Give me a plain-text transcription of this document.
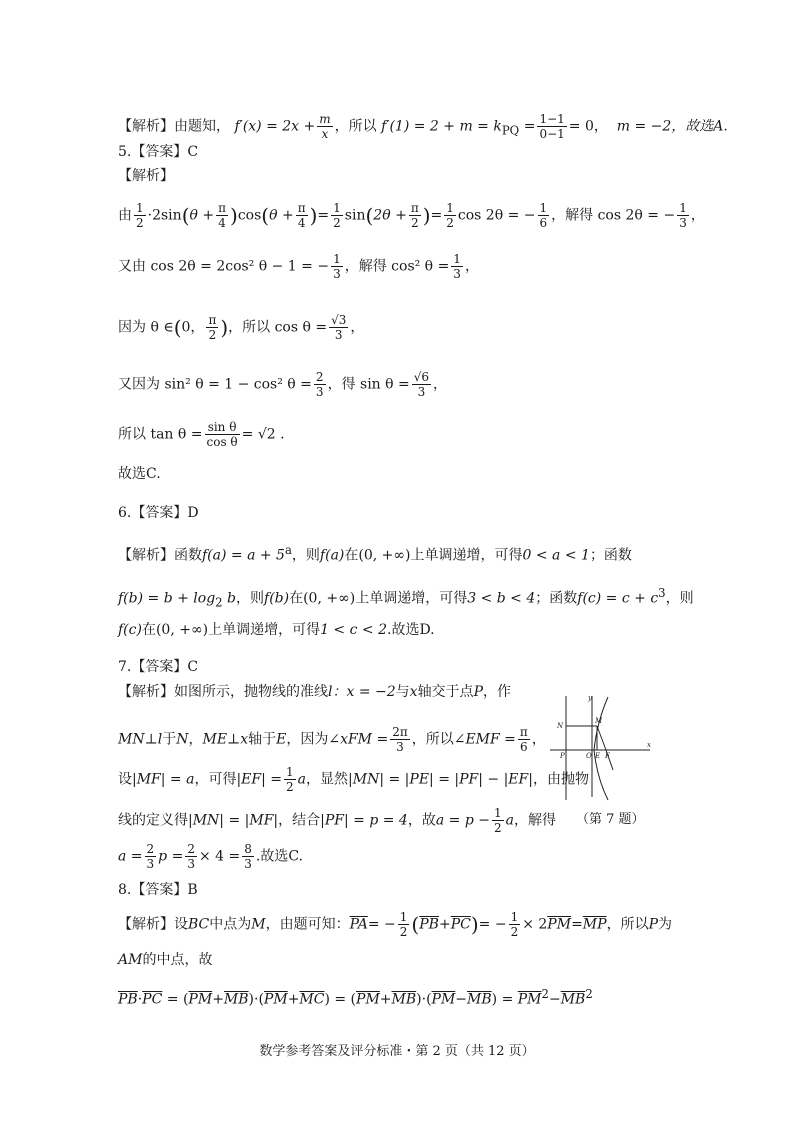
【解析】由题知， $f'(x) = 2x + \frac{m}{x}$ ，所以 $f'(1) = 2 + m = k_{PQ} = \frac{1-1}{0-1} = 0$， m = −2，故选A.
5.【答案】C
【解析】
由 $\frac{1}{2} \cdot 2\sin(\theta + \frac{\pi}{4} )\cos(\theta + \frac{\pi}{4}$ )= $\frac{1}{2} \sin(2\theta + \frac{\pi}{2}$ )= $\frac{1}{2}$ cos 2θ = − $\frac{1}{6}$ ，解得 cos 2θ = − $\frac{1}{3}$ ，
又由 cos 2θ = 2cos² θ − 1 = − $\frac{1}{3}$ ，解得 cos² $\theta = \frac{1}{3}$ ，
因为 θ ∈(0， $\frac{\pi}{2}$ )，所以 $\cos \theta = \frac{√3}{3}$ ，
又因为 sin² θ = 1 − cos² $\theta = \frac{2}{3}$ ，得 $\sin \theta = \frac{√6}{3}$ ，
所以 $\tan \theta = \frac{\text{sin θ}}{\text{cos θ}} = √2$ .
故选C.
6.【答案】D
【解析】函数$f(a) = a + 5^a$，则f(a)在(0, +∞)上单调递增，可得0 < a < 1；函数
$f(b) = b + \log_2 b$，则f(b)在(0, +∞)上单调递增，可得3 < b < 4；函数$f(c) = c + c^3$，则
f(c)在(0, +∞)上单调递增，可得1 < c < 2.故选D.
7.【答案】C
【解析】如图所示，抛物线的准线l：x = −2与x轴交于点P，作
MN⊥l于N，ME⊥x轴于E，因为∠xFM = $\frac{2\pi}{3}$ ，所以∠EMF = $\frac{\pi}{6}$ ，
设|MF| = a，可得$|EF| = \frac{1}{2}$ a，显然|MN| = |PE| = |PF| − |EF|，由抛物
线的定义得|MN| = |MF|，结合|PF| = p = 4，故$a = p - \frac{1}{2}$ a，解得
$a = \frac{2}{3}$ $p = \frac{2}{3} \times 4 = \frac{8}{3}$ .故选C.
N
M
P	O E F
x
y
（第 7 题）
8.【答案】B
【解析】设BC中点为M，由题可知：$\overline{PA}= - \frac{1}{2} (\overline{PB}+\overline{PC})= - \frac{1}{2} \times 2\overline{PM}=\overline{MP}$，所以P为
AM的中点，故
$\overline{PB}\cdot\overline{PC} = (\overline{PM}+\overline{MB})\cdot(\overline{PM}+\overline{MC}) = (\overline{PM}+\overline{MB})\cdot(\overline{PM}-\overline{MB}) = \overline{PM}^2-\overline{MB}^2$
数学参考答案及评分标准・第 2 页（共 12 页）
